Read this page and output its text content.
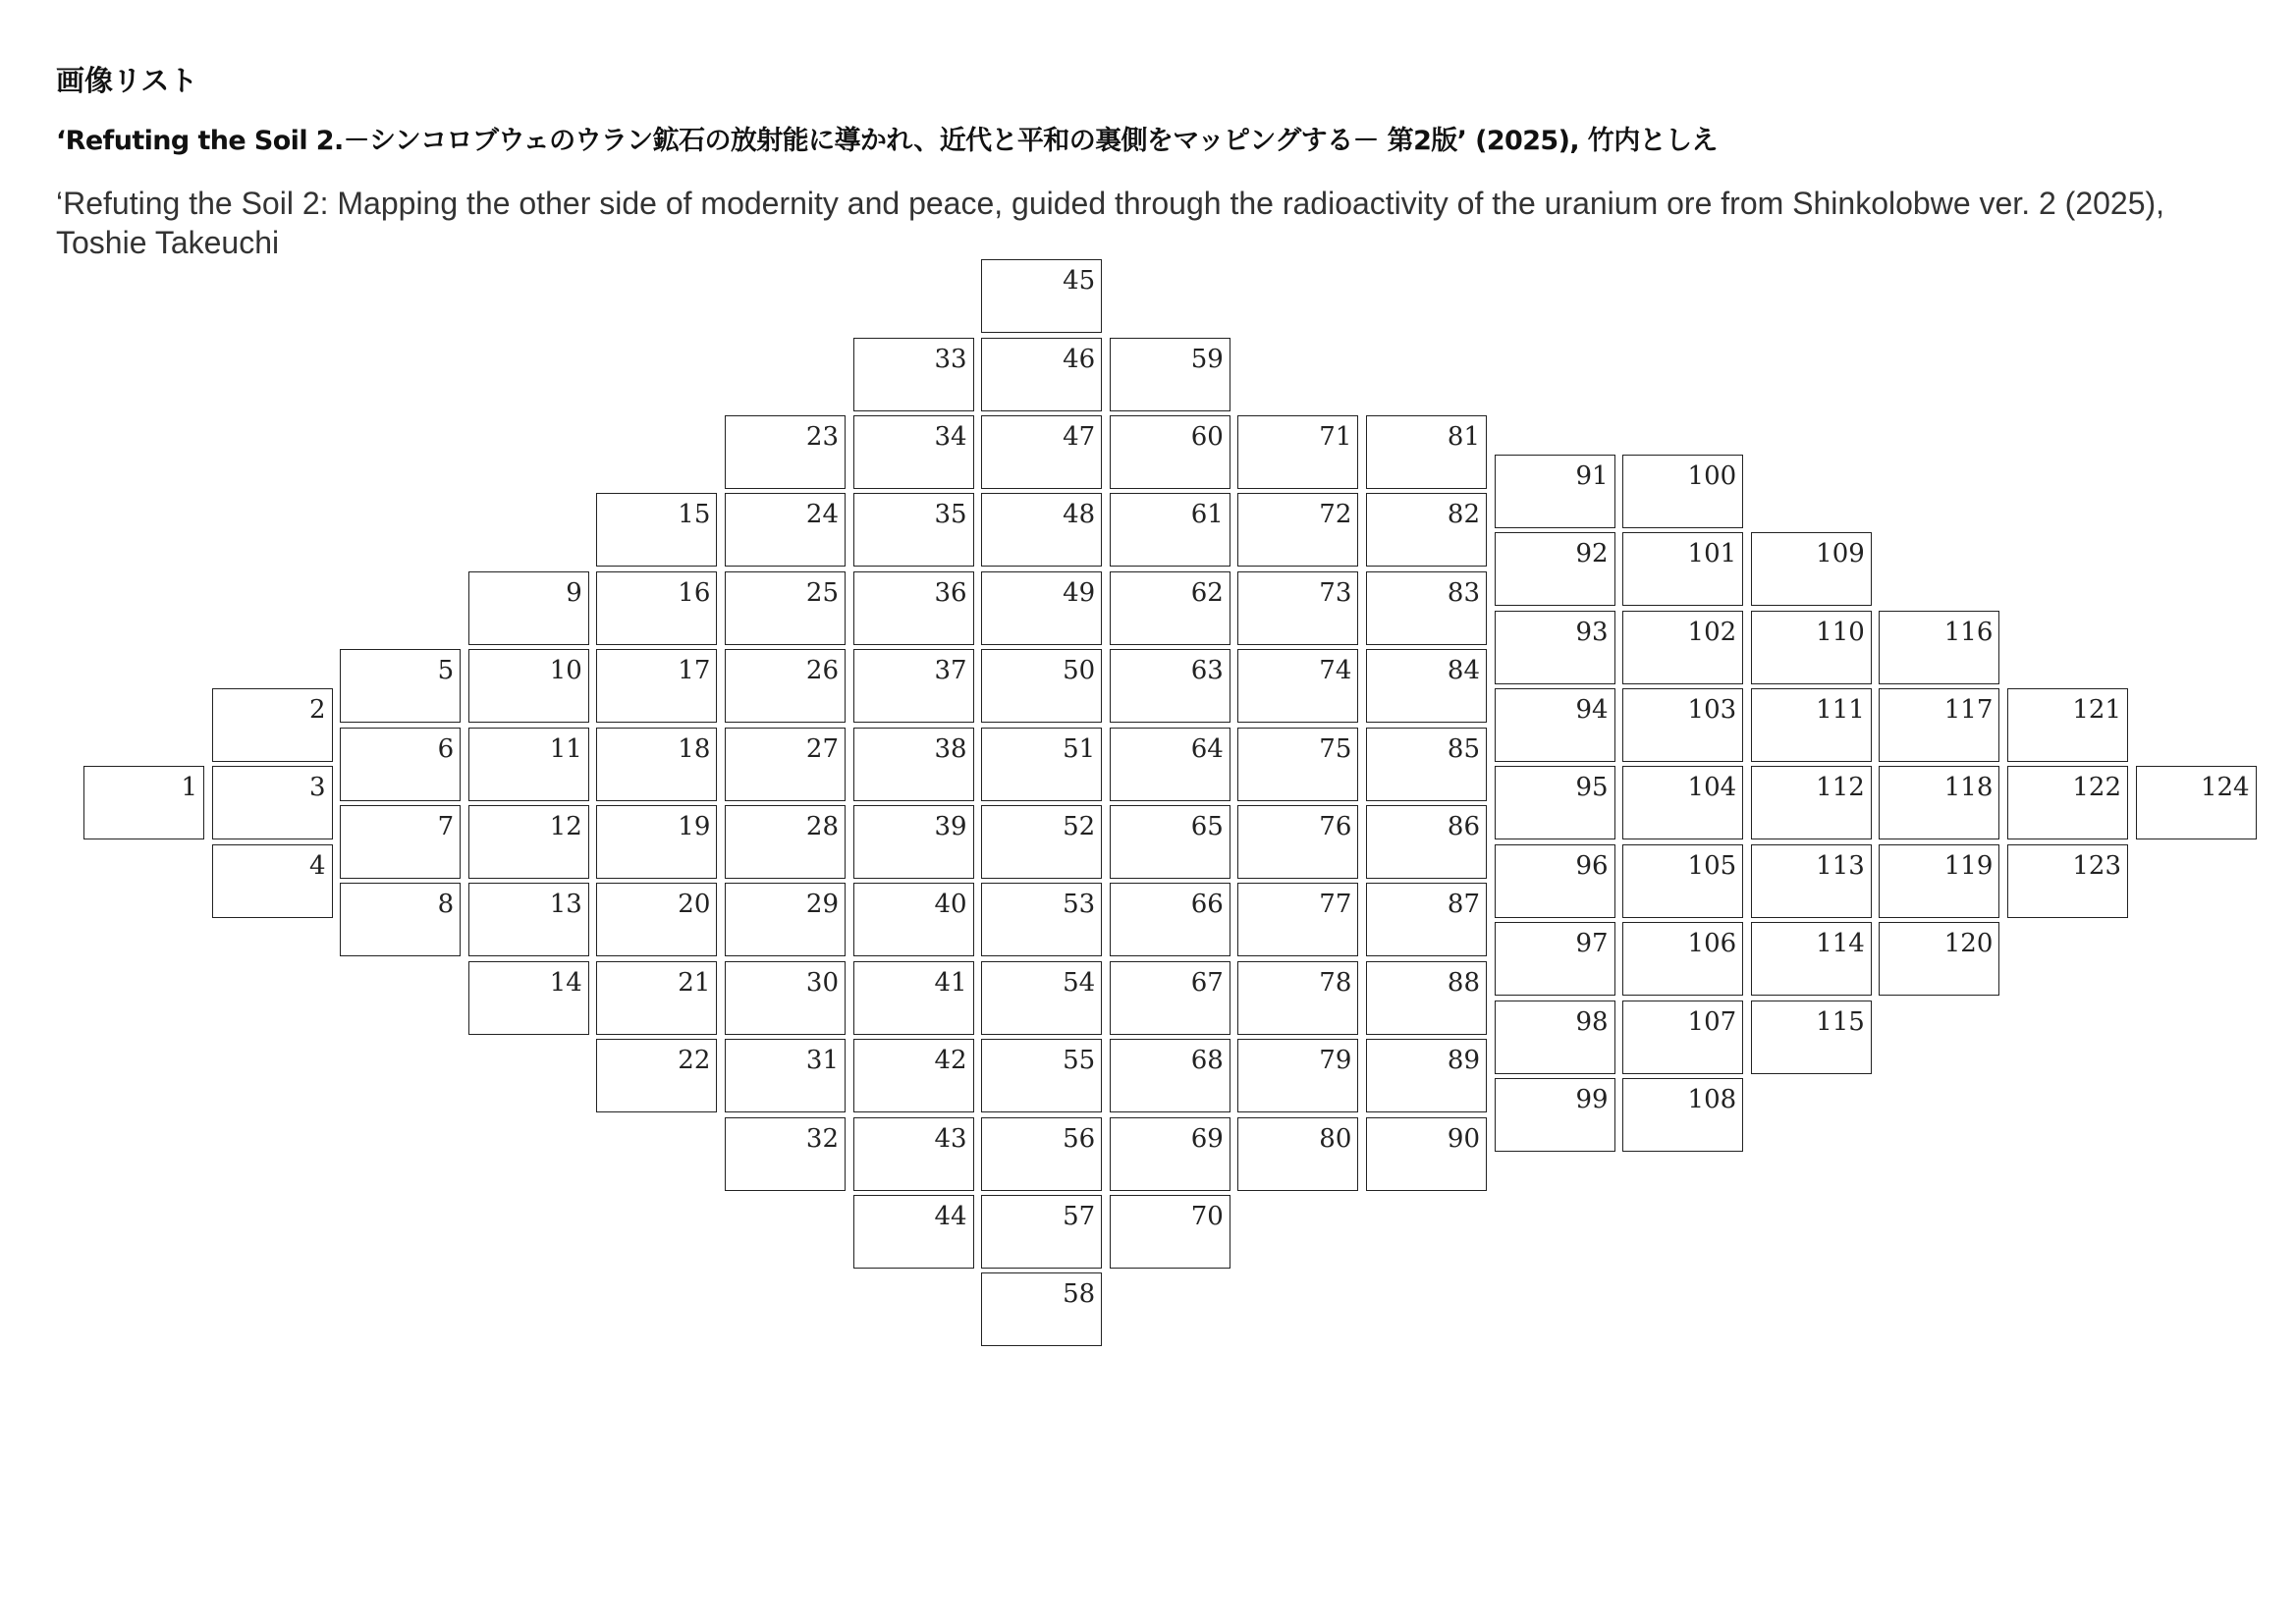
画像リスト
‘Refuting the Soil 2.－シンコロブウェのウラン鉱石の放射能に導かれ、近代と平和の裏側をマッピングする－ 第2版’ (2025), 竹内としえ
‘Refuting the Soil 2: Mapping the other side of modernity and peace, guided through the radioactivity of the uranium ore from Shinkolobwe ver. 2 (2025),
Toshie Takeuchi
1
2
3
4
5
6
7
8
9
10
11
12
13
14
15
16
17
18
19
20
21
22
23
24
25
26
27
28
29
30
31
32
33
34
35
36
37
38
39
40
41
42
43
44
45
46
47
48
49
50
51
52
53
54
55
56
57
58
59
60
61
62
63
64
65
66
67
68
69
70
71
72
73
74
75
76
77
78
79
80
81
82
83
84
85
86
87
88
89
90
91
92
93
94
95
96
97
98
99
100
101
102
103
104
105
106
107
108
109
110
111
112
113
114
115
116
117
118
119
120
121
122
123
124
